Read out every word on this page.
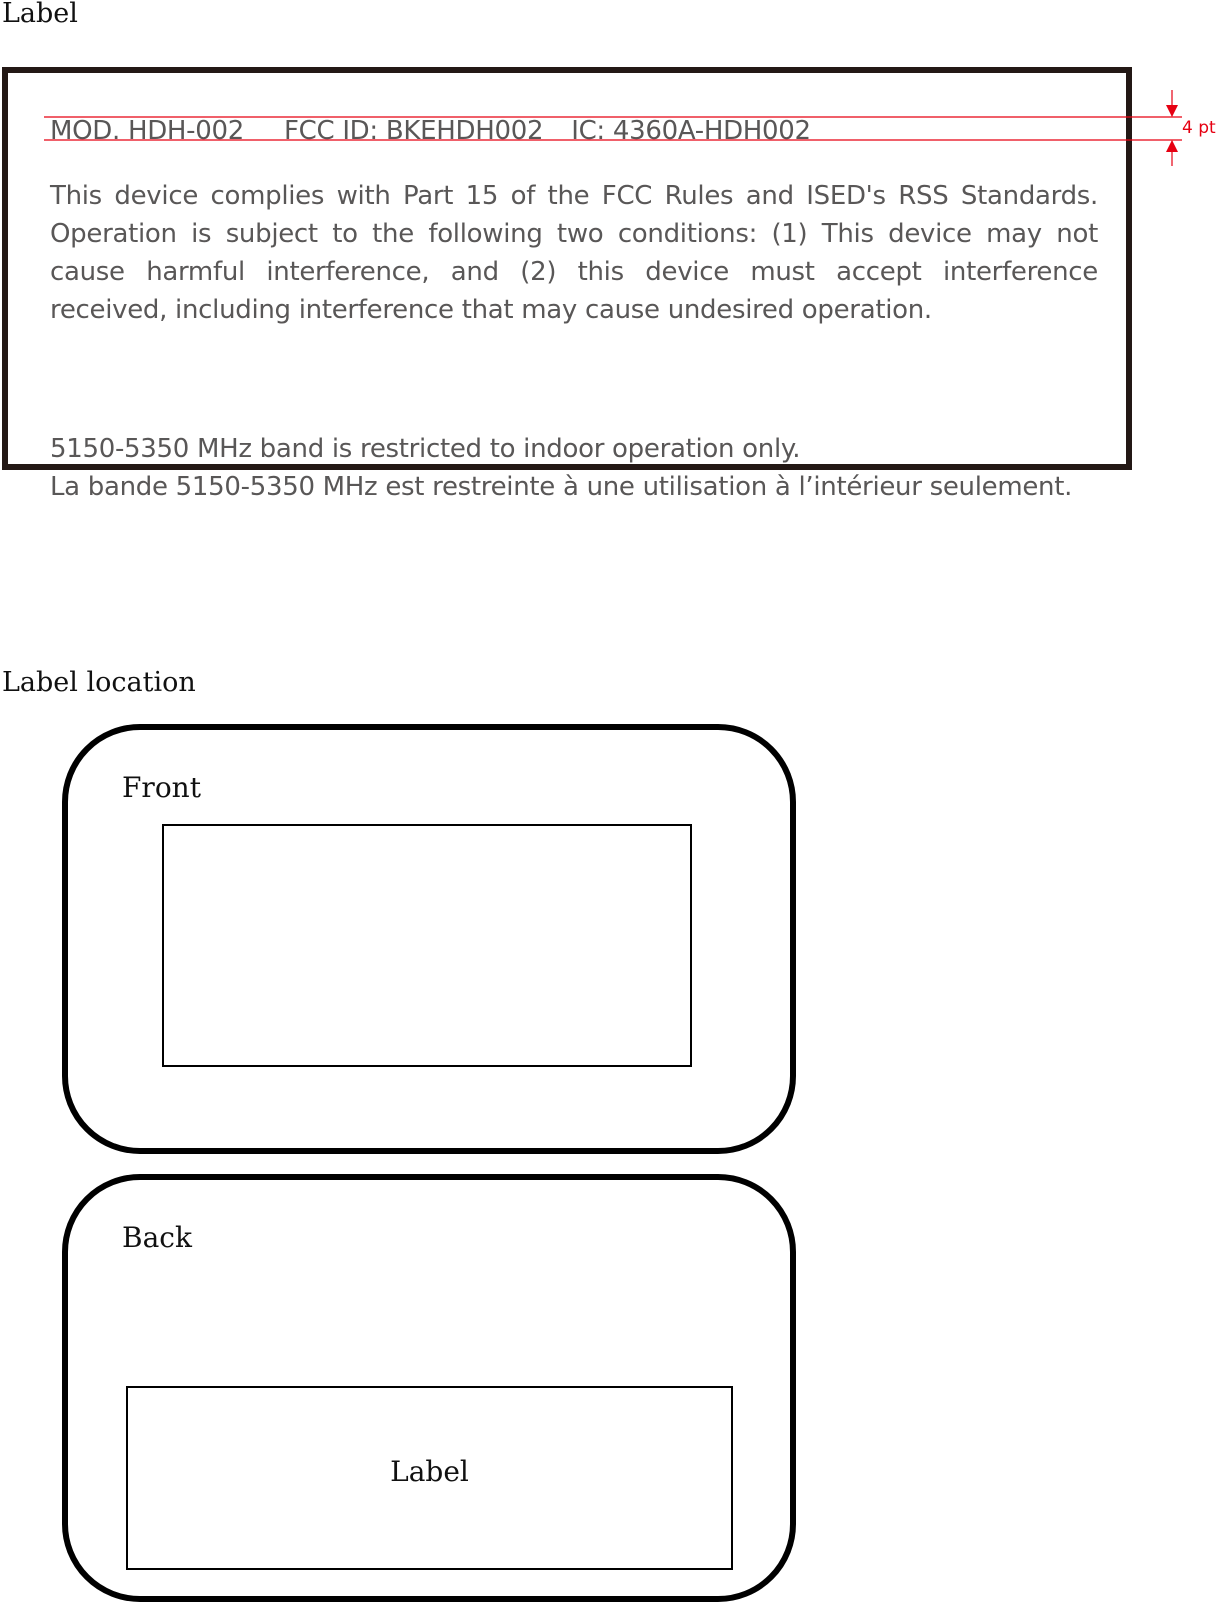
Label
MOD. HDH-002 FCC ID: BKEHDH002 IC: 4360A-HDH002
This device complies with Part 15 of the FCC Rules and ISED's RSS Standards. Operation is subject to the following two conditions: (1) This device may not cause harmful interference, and (2) this device must accept interference received, including interference that may cause undesired operation.
5150-5350 MHz band is restricted to indoor operation only.
La bande 5150-5350 MHz est restreinte à une utilisation à l’intérieur seulement.
4 pt
Label location
Front
Back
Label
